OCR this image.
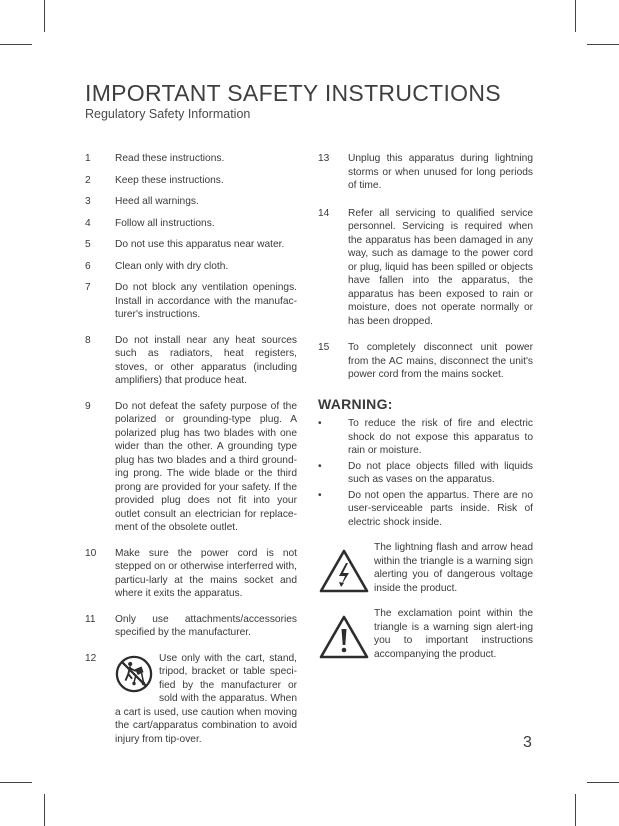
IMPORTANT SAFETY INSTRUCTIONS

Regulatory Safety Information

1	Read these instructions.
2	Keep these instructions.
3	Heed all warnings.
4	Follow all instructions.
5	Do not use this apparatus near water.
6	Clean only with dry cloth.
7	Do not block any ventilation openings. Install in accordance with the manufac-turer's instructions.
8	Do not install near any heat sources such as radiators, heat registers, stoves, or other apparatus (including amplifiers) that produce heat.
9	Do not defeat the safety purpose of the polarized or grounding-type plug. A polarized plug has two blades with one wider than the other. A grounding type plug has two blades and a third ground-ing prong. The wide blade or the third prong are provided for your safety. If the provided plug does not fit into your outlet consult an electrician for replace-ment of the obsolete outlet.
10	Make sure the power cord is not stepped on or otherwise interferred with, particu-larly at the mains socket and where it exits the apparatus.
11	Only use attachments/accessories specified by the manufacturer.
12	Use only with the cart, stand, tripod, bracket or table speci-fied by the manufacturer or sold with the apparatus. When a cart is used, use caution when moving the cart/apparatus combination to avoid injury from tip-over.
13	Unplug this apparatus during lightning storms or when unused for long periods of time.
14	Refer all servicing to qualified service personnel. Servicing is required when the apparatus has been damaged in any way, such as damage to the power cord or plug, liquid has been spilled or objects have fallen into the apparatus, the apparatus has been exposed to rain or moisture, does not operate normally or has been dropped.
15	To completely disconnect unit power from the AC mains, disconnect the unit's power cord from the mains socket.
WARNING:
•	To reduce the risk of fire and electric shock do not expose this apparatus to rain or moisture.
•	Do not place objects filled with liquids such as vases on the apparatus.
•	Do not open the appartus. There are no user-serviceable parts inside. Risk of electric shock inside.
The lightning flash and arrow head within the triangle is a warning sign alerting you of dangerous voltage inside the product.
The exclamation point within the triangle is a warning sign alert-ing you to important instructions accompanying the product.
3
